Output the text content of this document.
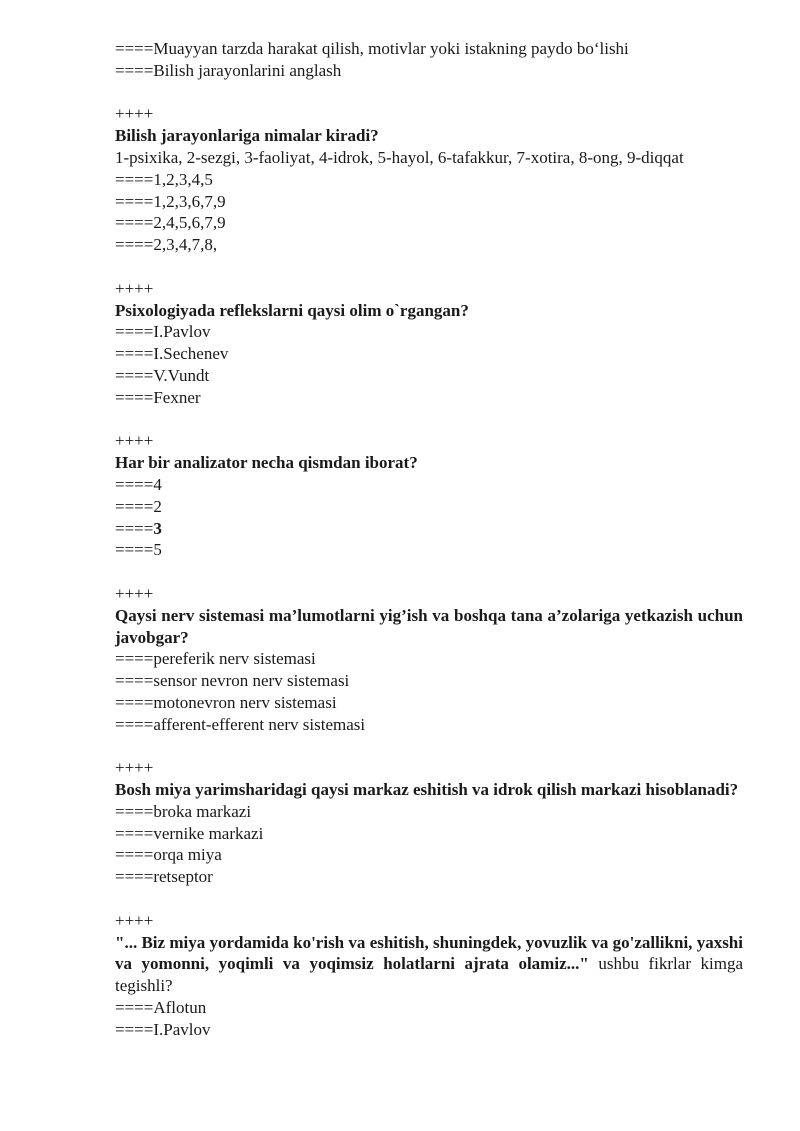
====Muayyan tarzda harakat qilish, motivlar yoki istakning paydo bo‘lishi
====Bilish jarayonlarini anglash
++++
Bilish jarayonlariga nimalar kiradi?
1-psixika, 2-sezgi, 3-faoliyat, 4-idrok, 5-hayol, 6-tafakkur, 7-xotira, 8-ong, 9-diqqat
====1,2,3,4,5
====1,2,3,6,7,9
====2,4,5,6,7,9
====2,3,4,7,8,
++++
Psixologiyada reflekslarni qaysi olim o`rgangan?
====I.Pavlov
====I.Sechenev
====V.Vundt
====Fexner
++++
Har bir analizator necha qismdan iborat?
====4
====2
====3
====5
++++
Qaysi nerv sistemasi ma’lumotlarni yig’ish va boshqa tana a’zolariga yetkazish uchun javobgar?
====pereferik nerv sistemasi
====sensor nevron nerv sistemasi
====motonevron nerv sistemasi
====afferent-efferent nerv sistemasi
++++
Bosh miya yarimsharidagi qaysi markaz eshitish va idrok qilish markazi hisoblanadi?
====broka markazi
====vernike markazi
====orqa miya
====retseptor
++++
"... Biz miya yordamida ko'rish va eshitish, shuningdek, yovuzlik va go'zallikni, yaxshi va yomonni, yoqimli va yoqimsiz holatlarni ajrata olamiz..." ushbu fikrlar kimga tegishli?
====Aflotun
====I.Pavlov
